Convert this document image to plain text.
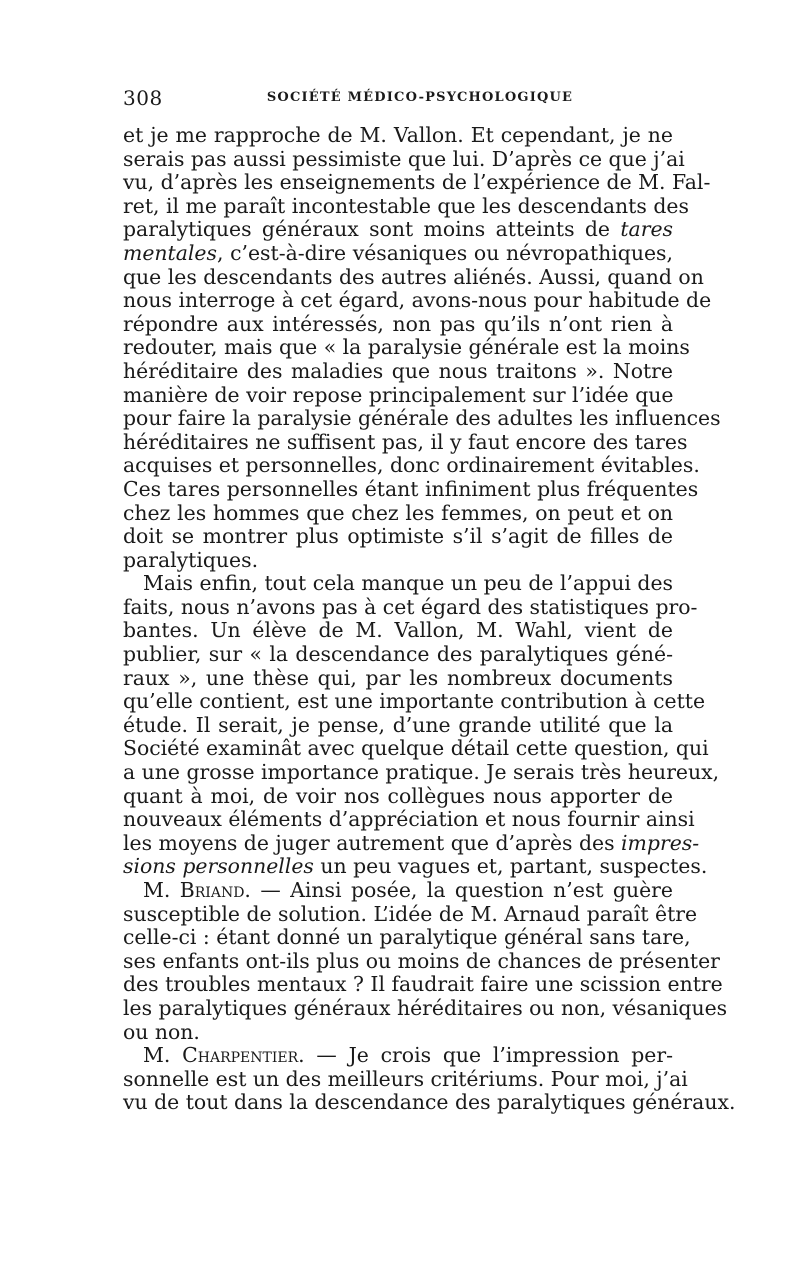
308	SOCIÉTÉ MÉDICO-PSYCHOLOGIQUE
et je me rapproche de M. Vallon. Et cependant, je ne
serais pas aussi pessimiste que lui. D’après ce que j’ai
vu, d’après les enseignements de l’expérience de M. Fal-
ret, il me paraît incontestable que les descendants des
paralytiques généraux sont moins atteints de tares
mentales, c’est-à-dire vésaniques ou névropathiques,
que les descendants des autres aliénés. Aussi, quand on
nous interroge à cet égard, avons-nous pour habitude de
répondre aux intéressés, non pas qu’ils n’ont rien à
redouter, mais que « la paralysie générale est la moins
héréditaire des maladies que nous traitons ». Notre
manière de voir repose principalement sur l’idée que
pour faire la paralysie générale des adultes les influences
héréditaires ne suffisent pas, il y faut encore des tares
acquises et personnelles, donc ordinairement évitables.
Ces tares personnelles étant infiniment plus fréquentes
chez les hommes que chez les femmes, on peut et on
doit se montrer plus optimiste s’il s’agit de filles de
paralytiques.
Mais enfin, tout cela manque un peu de l’appui des
faits, nous n’avons pas à cet égard des statistiques pro-
bantes. Un élève de M. Vallon, M. Wahl, vient de
publier, sur « la descendance des paralytiques géné-
raux », une thèse qui, par les nombreux documents
qu’elle contient, est une importante contribution à cette
étude. Il serait, je pense, d’une grande utilité que la
Société examinât avec quelque détail cette question, qui
a une grosse importance pratique. Je serais très heureux,
quant à moi, de voir nos collègues nous apporter de
nouveaux éléments d’appréciation et nous fournir ainsi
les moyens de juger autrement que d’après des impres-
sions personnelles un peu vagues et, partant, suspectes.
M. Briand. — Ainsi posée, la question n’est guère
susceptible de solution. L’idée de M. Arnaud paraît être
celle-ci : étant donné un paralytique général sans tare,
ses enfants ont-ils plus ou moins de chances de présenter
des troubles mentaux ? Il faudrait faire une scission entre
les paralytiques généraux héréditaires ou non, vésaniques
ou non.
M. Charpentier. — Je crois que l’impression per-
sonnelle est un des meilleurs critériums. Pour moi, j’ai
vu de tout dans la descendance des paralytiques généraux.
